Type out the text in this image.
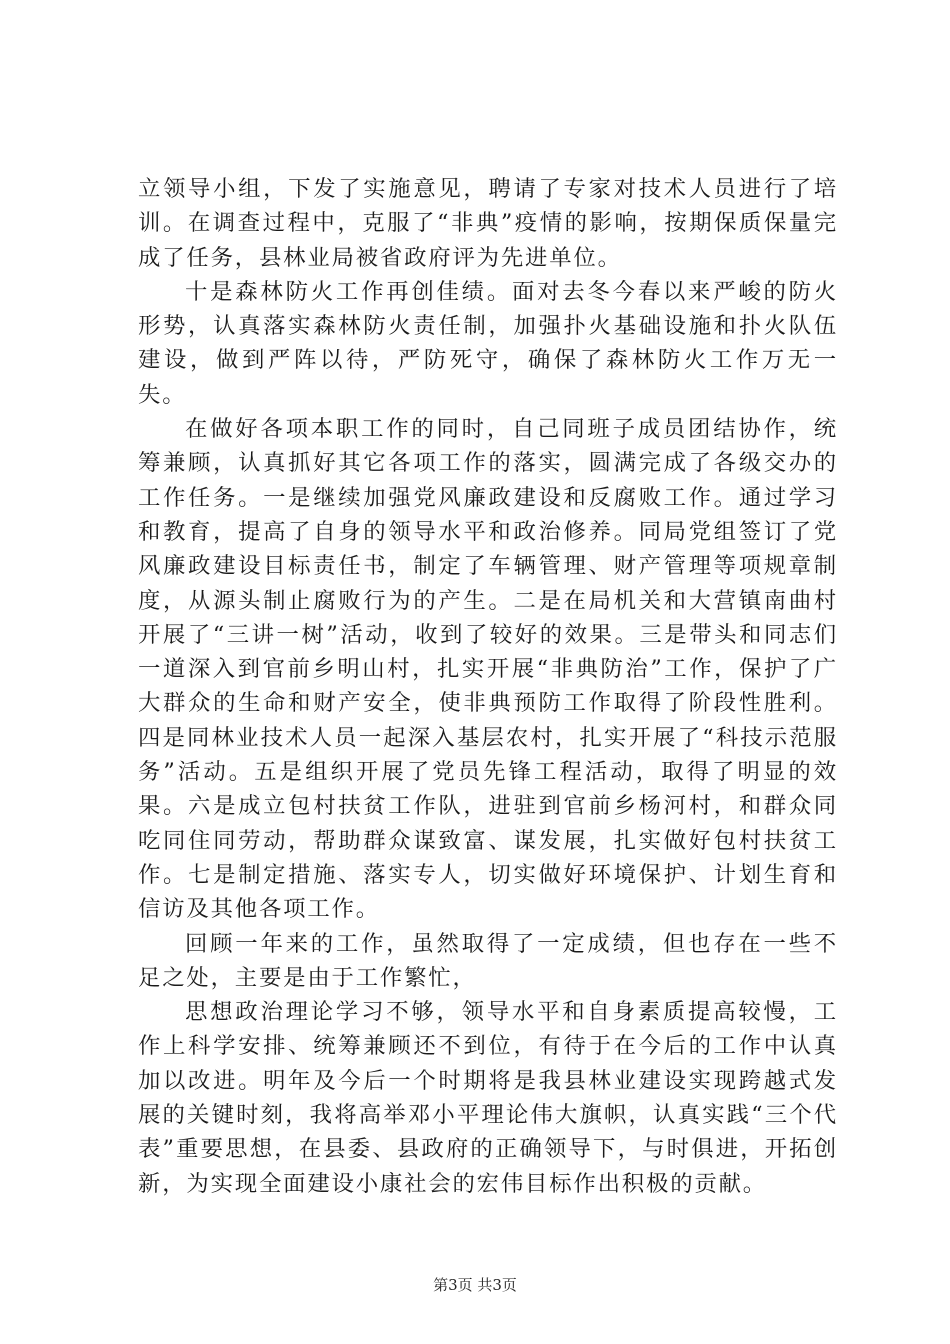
立领导小组，下发了实施意见，聘请了专家对技术人员进行了培训。在调查过程中，克服了“非典”疫情的影响，按期保质保量完成了任务，县林业局被省政府评为先进单位。

十是森林防火工作再创佳绩。面对去冬今春以来严峻的防火形势，认真落实森林防火责任制，加强扑火基础设施和扑火队伍建设，做到严阵以待，严防死守，确保了森林防火工作万无一失。

在做好各项本职工作的同时，自己同班子成员团结协作，统筹兼顾，认真抓好其它各项工作的落实，圆满完成了各级交办的工作任务。一是继续加强党风廉政建设和反腐败工作。通过学习和教育，提高了自身的领导水平和政治修养。同局党组签订了党风廉政建设目标责任书，制定了车辆管理、财产管理等项规章制度，从源头制止腐败行为的产生。二是在局机关和大营镇南曲村开展了“三讲一树”活动，收到了较好的效果。三是带头和同志们一道深入到官前乡明山村，扎实开展“非典防治”工作，保护了广大群众的生命和财产安全，使非典预防工作取得了阶段性胜利。四是同林业技术人员一起深入基层农村，扎实开展了“科技示范服务”活动。五是组织开展了党员先锋工程活动，取得了明显的效果。六是成立包村扶贫工作队，进驻到官前乡杨河村，和群众同吃同住同劳动，帮助群众谋致富、谋发展，扎实做好包村扶贫工作。七是制定措施、落实专人，切实做好环境保护、计划生育和信访及其他各项工作。

回顾一年来的工作，虽然取得了一定成绩，但也存在一些不足之处，主要是由于工作繁忙，

思想政治理论学习不够，领导水平和自身素质提高较慢，工作上科学安排、统筹兼顾还不到位，有待于在今后的工作中认真加以改进。明年及今后一个时期将是我县林业建设实现跨越式发展的关键时刻，我将高举邓小平理论伟大旗帜，认真实践“三个代表”重要思想，在县委、县政府的正确领导下，与时俱进，开拓创新，为实现全面建设小康社会的宏伟目标作出积极的贡献。

第3页 共3页
